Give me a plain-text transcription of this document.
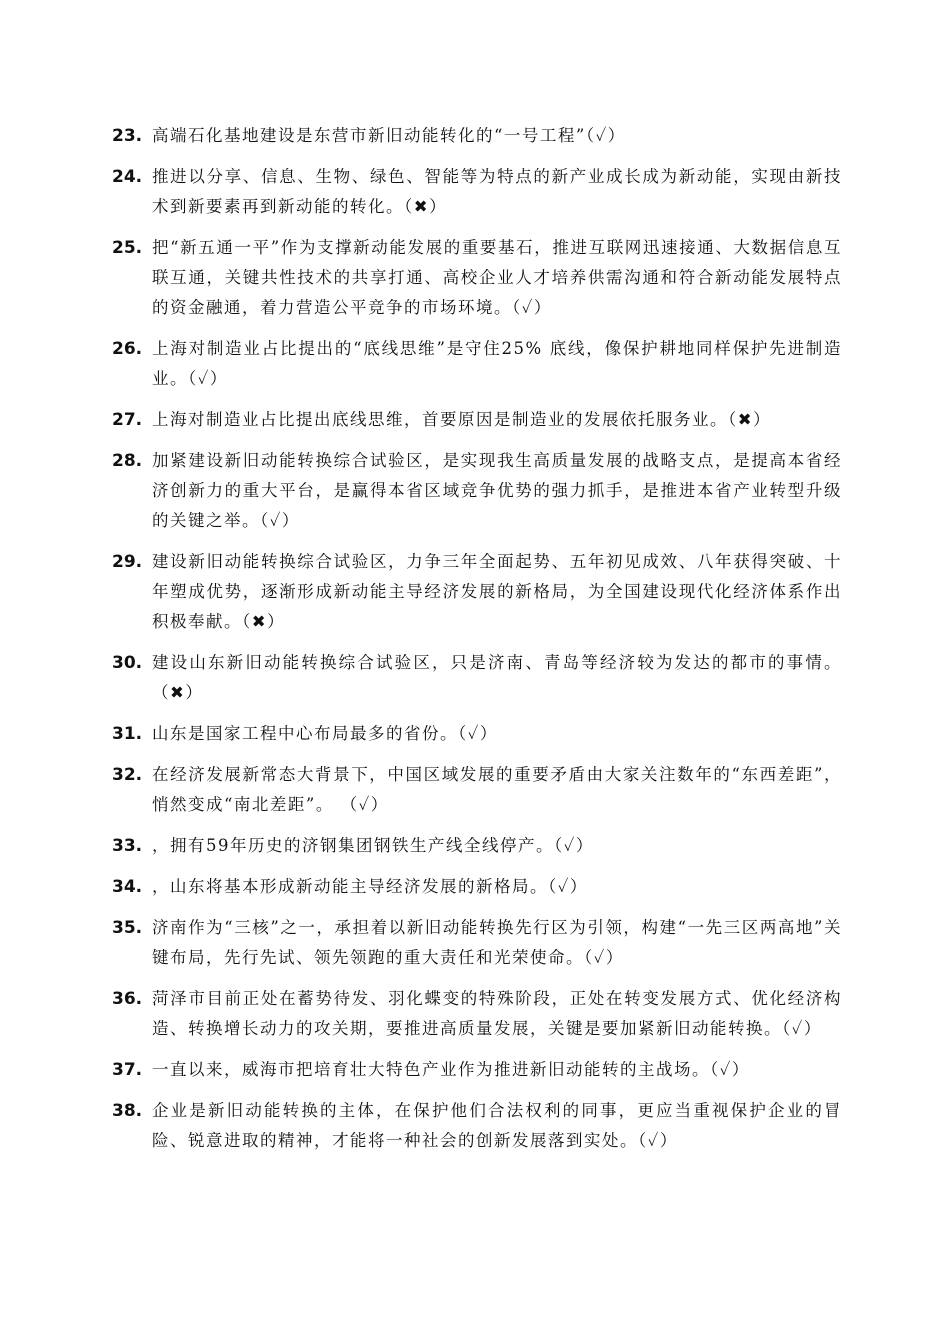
23. 高端石化基地建设是东营市新旧动能转化的“一号工程”（✓）
24. 推进以分享、信息、生物、绿色、智能等为特点的新产业成长成为新动能，实现由新技术到新要素再到新动能的转化。（✖）
25. 把“新五通一平”作为支撑新动能发展的重要基石，推进互联网迅速接通、大数据信息互联互通，关键共性技术的共享打通、高校企业人才培养供需沟通和符合新动能发展特点的资金融通，着力营造公平竞争的市场环境。（✓）
26. 上海对制造业占比提出的“底线思维”是守住25% 底线，像保护耕地同样保护先进制造业。（✓）
27. 上海对制造业占比提出底线思维，首要原因是制造业的发展依托服务业。（✖）
28. 加紧建设新旧动能转换综合试验区，是实现我生高质量发展的战略支点，是提高本省经济创新力的重大平台，是赢得本省区域竞争优势的强力抓手，是推进本省产业转型升级的关键之举。（✓）
29. 建设新旧动能转换综合试验区，力争三年全面起势、五年初见成效、八年获得突破、十年塑成优势，逐渐形成新动能主导经济发展的新格局，为全国建设现代化经济体系作出积极奉献。（✖）
30. 建设山东新旧动能转换综合试验区，只是济南、青岛等经济较为发达的都市的事情。（✖）
31. 山东是国家工程中心布局最多的省份。（✓）
32. 在经济发展新常态大背景下，中国区域发展的重要矛盾由大家关注数年的“东西差距”，悄然变成“南北差距”。 （✓）
33. ，拥有59年历史的济钢集团钢铁生产线全线停产。（✓）
34. ，山东将基本形成新动能主导经济发展的新格局。（✓）
35. 济南作为“三核”之一，承担着以新旧动能转换先行区为引领，构建“一先三区两高地”关键布局，先行先试、领先领跑的重大责任和光荣使命。（✓）
36. 菏泽市目前正处在蓄势待发、羽化蝶变的特殊阶段，正处在转变发展方式、优化经济构造、转换增长动力的攻关期，要推进高质量发展，关键是要加紧新旧动能转换。（✓）
37. 一直以来，威海市把培育壮大特色产业作为推进新旧动能转的主战场。（✓）
38. 企业是新旧动能转换的主体，在保护他们合法权利的同事，更应当重视保护企业的冒险、锐意进取的精神，才能将一种社会的创新发展落到实处。（✓）
